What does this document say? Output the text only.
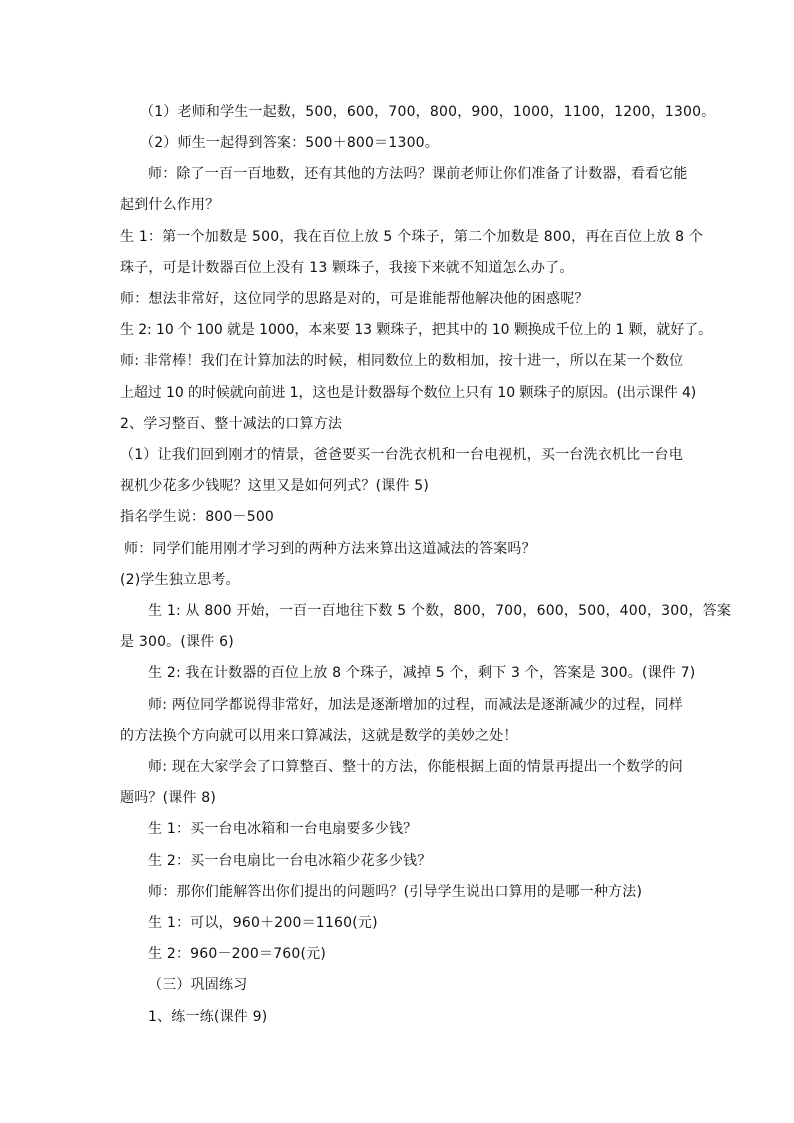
（1）老师和学生一起数，500，600，700，800，900，1000，1100，1200，1300。
（2）师生一起得到答案：500＋800＝1300。
师：除了一百一百地数，还有其他的方法吗？课前老师让你们准备了计数器，看看它能
起到什么作用？
生 1：第一个加数是 500，我在百位上放 5 个珠子，第二个加数是 800，再在百位上放 8 个
珠子，可是计数器百位上没有 13 颗珠子，我接下来就不知道怎么办了。
师：想法非常好，这位同学的思路是对的，可是谁能帮他解决他的困惑呢？
生 2: 10 个 100 就是 1000，本来要 13 颗珠子，把其中的 10 颗换成千位上的 1 颗，就好了。
师: 非常棒！我们在计算加法的时候，相同数位上的数相加，按十进一，所以在某一个数位
上超过 10 的时候就向前进 1，这也是计数器每个数位上只有 10 颗珠子的原因。(出示课件 4)
2、学习整百、整十减法的口算方法
（1）让我们回到刚才的情景，爸爸要买一台洗衣机和一台电视机，买一台洗衣机比一台电
视机少花多少钱呢？这里又是如何列式？(课件 5)
指名学生说：800－500
师：同学们能用刚才学习到的两种方法来算出这道减法的答案吗？
(2)学生独立思考。
生 1: 从 800 开始，一百一百地往下数 5 个数，800，700，600，500，400，300，答案
是 300。(课件 6)
生 2: 我在计数器的百位上放 8 个珠子，减掉 5 个，剩下 3 个，答案是 300。(课件 7)
师: 两位同学都说得非常好，加法是逐渐增加的过程，而减法是逐渐减少的过程，同样
的方法换个方向就可以用来口算减法，这就是数学的美妙之处！
师: 现在大家学会了口算整百、整十的方法，你能根据上面的情景再提出一个数学的问
题吗？(课件 8)
生 1：买一台电冰箱和一台电扇要多少钱？
生 2：买一台电扇比一台电冰箱少花多少钱？
师：那你们能解答出你们提出的问题吗？(引导学生说出口算用的是哪一种方法)
生 1：可以，960＋200＝1160(元)
生 2：960－200＝760(元)
（三）巩固练习
1、练一练(课件 9)
